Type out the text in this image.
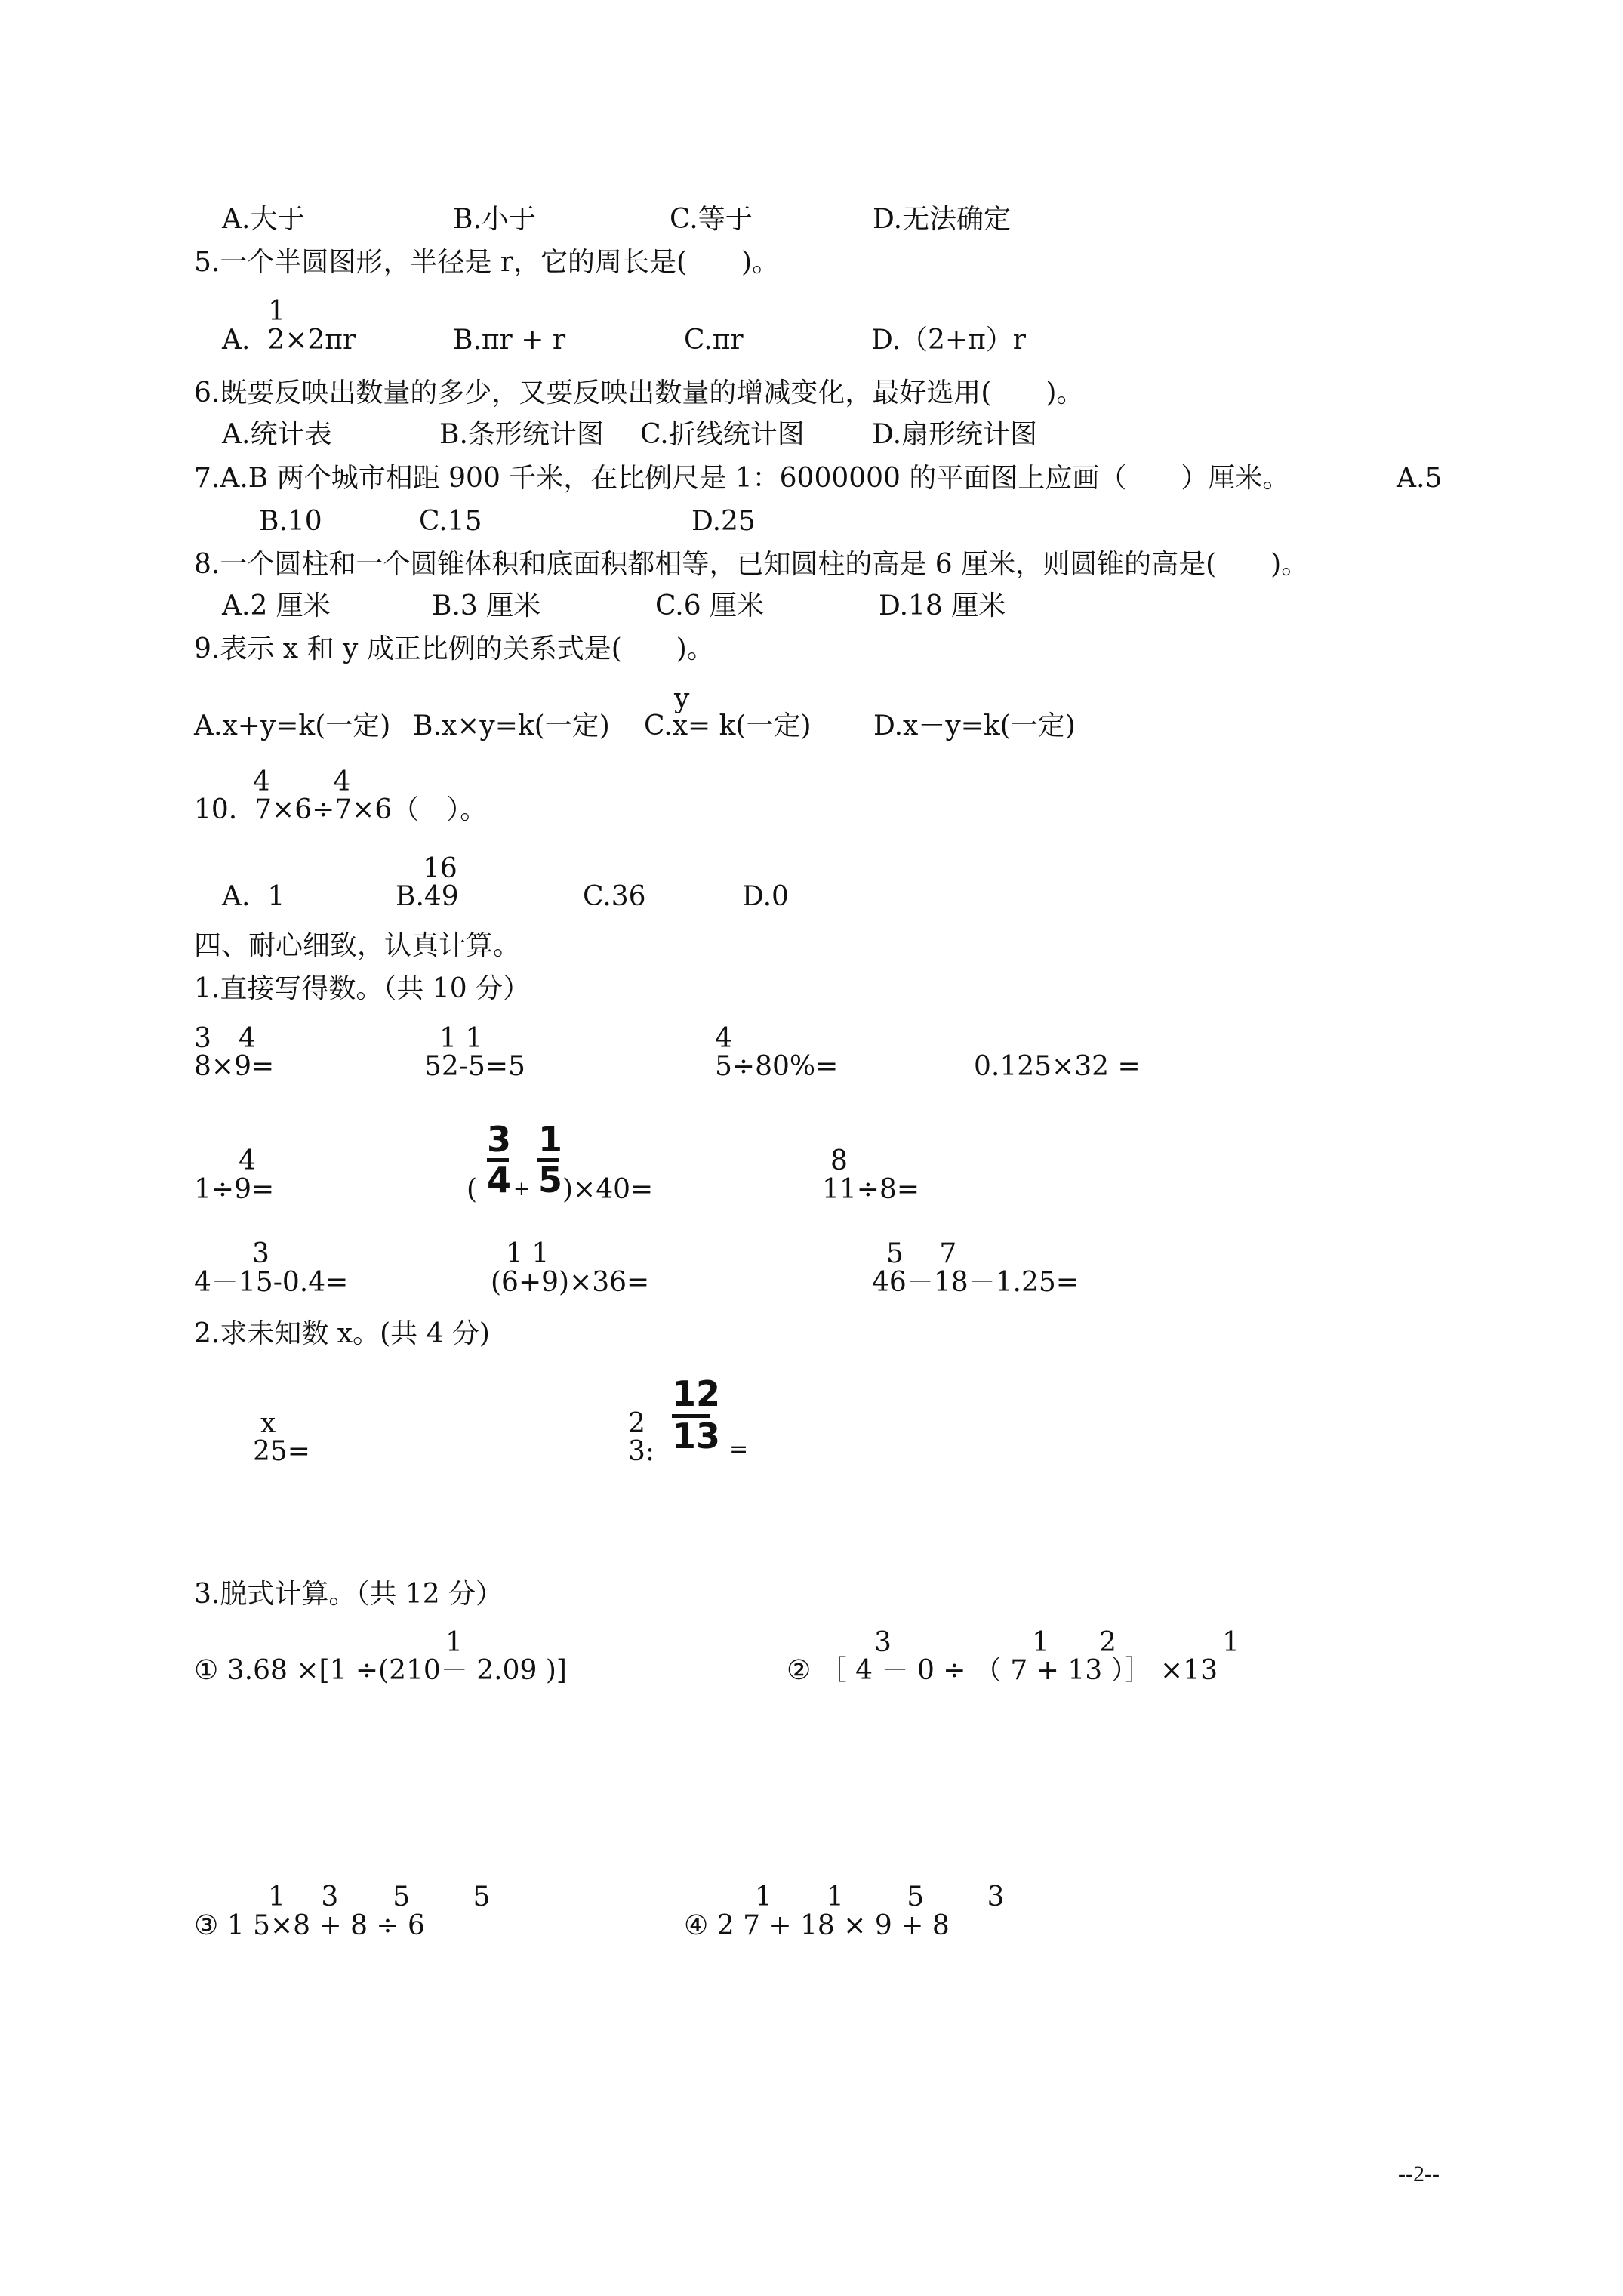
A.大于	B.小于	C.等于	D.无法确定
5.一个半圆图形，半径是 r，它的周长是(　　)。
1
A.  2×2πr	B.πr + r	C.πr	D.（2+π）r
6.既要反映出数量的多少，又要反映出数量的增减变化，最好选用(　　)。
A.统计表	B.条形统计图 C.折线统计图 D.扇形统计图
7.A.B 两个城市相距 900 千米，在比例尺是 1：6000000 的平面图上应画（　　）厘米。	A.5
B.10	C.15	D.25
8.一个圆柱和一个圆锥体积和底面积都相等，已知圆柱的高是 6 厘米，则圆锥的高是(　　)。
A.2 厘米	B.3 厘米	C.6 厘米	D.18 厘米
9.表示 x 和 y 成正比例的关系式是(　　)。
y
A.x+y=k(一定) B.x×y=k(一定) C.x= k(一定) D.x－y=k(一定)
4　　 4
10.  7×6÷7×6（　）。
16
A.  1	B.49	C.36	D.0
四、耐心细致，认真计算。
1.直接写得数。（共 10 分）
3　4
8×9=
1 1
52-5=5
4
5÷80%=	0.125×32 =
4
1÷9=	(
3
4 +
1
5 )×40=
8
11÷8=
3
4－15-0.4=
1 1
(6+9)×36=
5　 7
46－18－1.25=
2.求未知数 x。(共 4 分)
x
25=
2
3:
12
13 =
3.脱式计算。（共 12 分）
1
① 3.68 ×[1 ÷(210－ 2.09 )]
3	1 2	1
② ［ 4 － 0 ÷ （ 7 + 13 ）］ ×13
1　 3　　5　　 5
③ 1 5×8 + 8 ÷ 6
1　　1　　 5　　 3
④ 2 7 + 18 × 9 + 8
--2--
